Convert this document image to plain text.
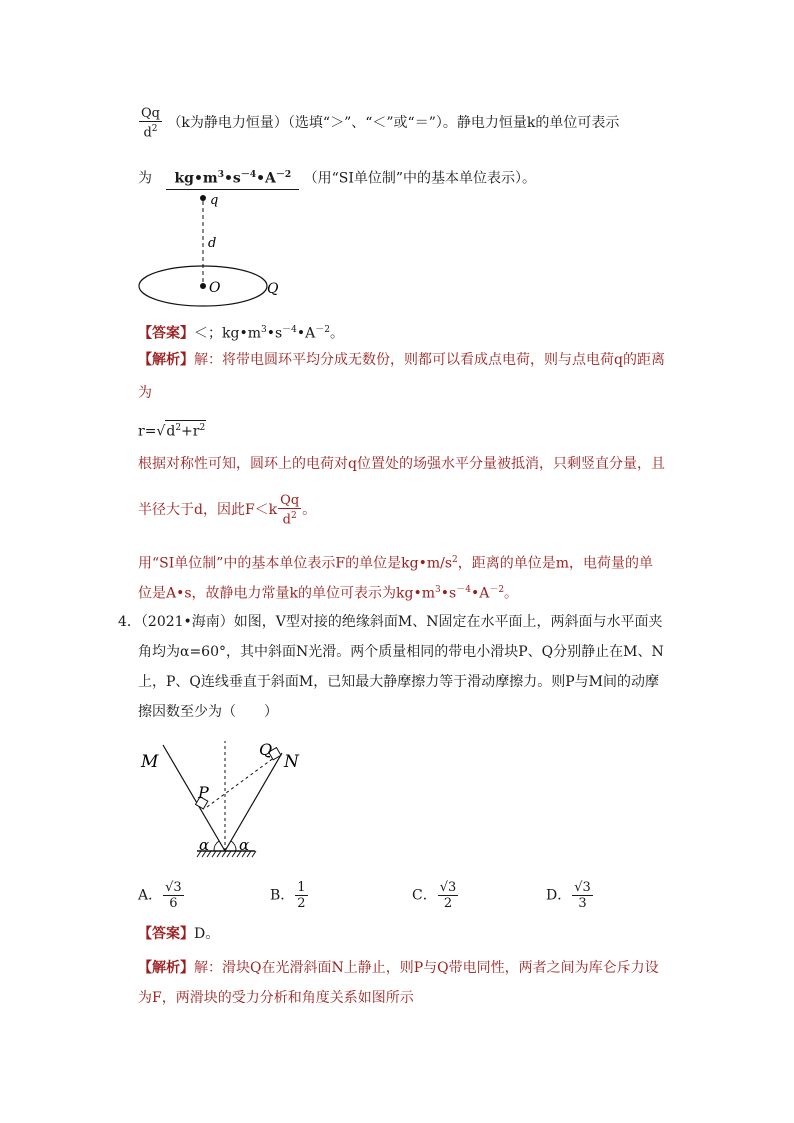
$\frac{Qq}{d^2} (k$为静电力恒量）（选填“＞”、“＜”或“＝”）。静电力恒量k的单位可表示
为 $kg•m^3•s^{-4}•A^{-2}$ （用“SI单位制”中的基本单位表示）。
q
d
O	Q
【答案】＜；$kg•m^3•s^{-4}•A^{-2}$。
【解析】解：将带电圆环平均分成无数份，则都可以看成点电荷，则与点电荷q的距离
为
$r=√d^2+r^2$
根据对称性可知，圆环上的电荷对q位置处的场强水平分量被抵消，只剩竖直分量，且
半径大于d，因此$F<k \frac{Qq}{d^2}$ 。
用“SI单位制”中的基本单位表示F的单位是$kg•m/s^2$，距离的单位是m，电荷量的单
位是A•s，故静电力常量k的单位可表示为$kg•m^3•s^{-4}•A^{-2}$。
4．（2021•海南）如图，V型对接的绝缘斜面M、N固定在水平面上，两斜面与水平面夹
角均为α=60°，其中斜面N光滑。两个质量相同的带电小滑块P、Q分别静止在M、N
上，P、Q连线垂直于斜面M，已知最大静摩擦力等于滑动摩擦力。则P与M间的动摩
擦因数至少为（　　）
M	N
P
Q
α α
A． $\frac{√3}{6}$	B． $\frac{1}{2}$	C． $\frac{√3}{2}$	D． $\frac{√3}{3}$
【答案】D。
【解析】解：滑块Q在光滑斜面N上静止，则P与Q带电同性，两者之间为库仑斥力设
为F，两滑块的受力分析和角度关系如图所示
